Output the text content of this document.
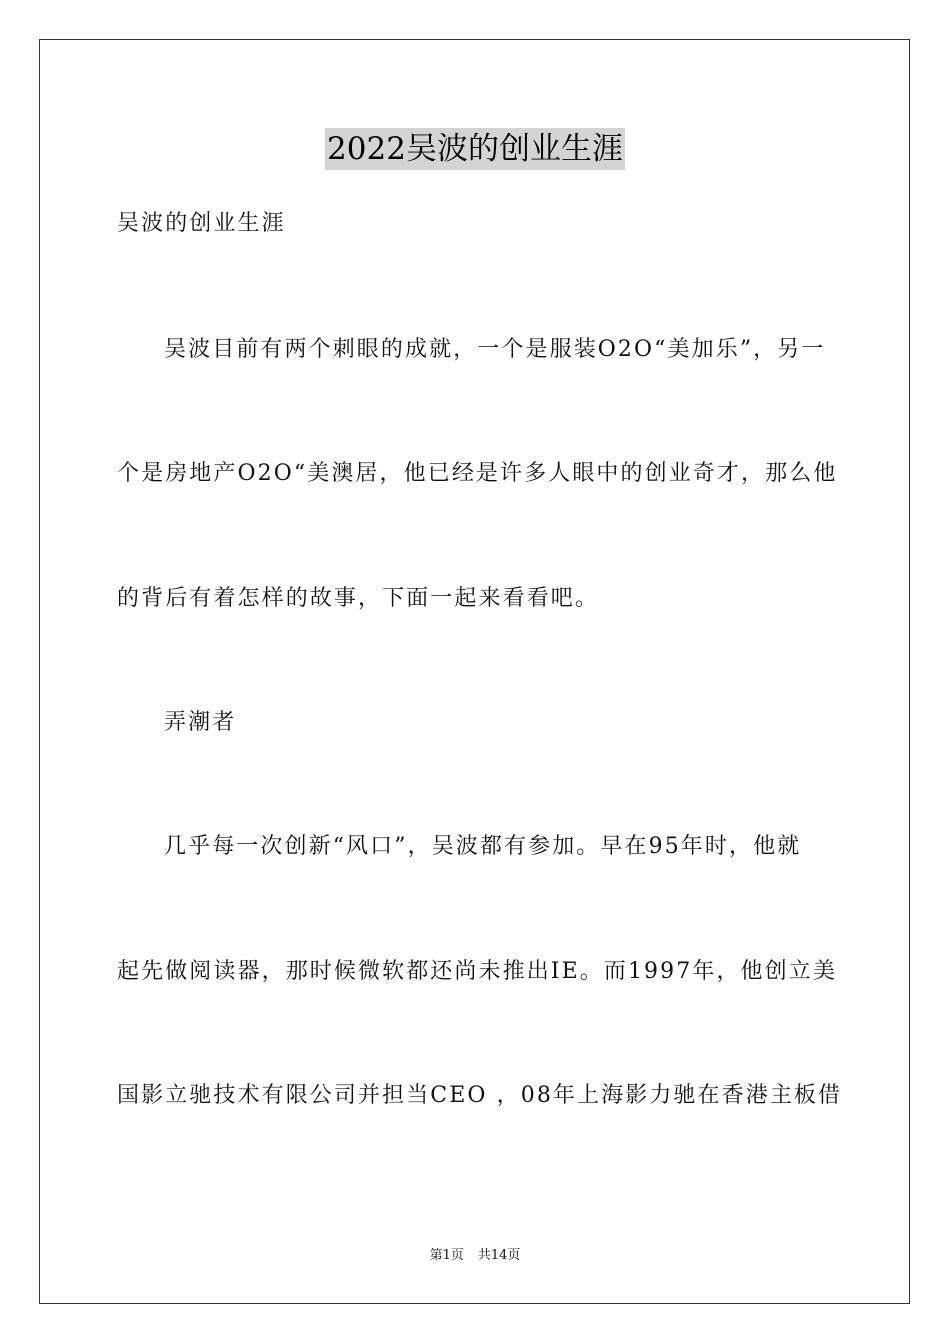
2022吴波的创业生涯
吴波的创业生涯
吴波目前有两个刺眼的成就，一个是服装O2O“美加乐”，另一
个是房地产O2O“美澳居，他已经是许多人眼中的创业奇才，那么他
的背后有着怎样的故事，下面一起来看看吧。
弄潮者
几乎每一次创新“风口”，吴波都有参加。早在95年时，他就
起先做阅读器，那时候微软都还尚未推出IE。而1997年，他创立美
国影立驰技术有限公司并担当CEO ，08年上海影力驰在香港主板借
第1页 共14页
